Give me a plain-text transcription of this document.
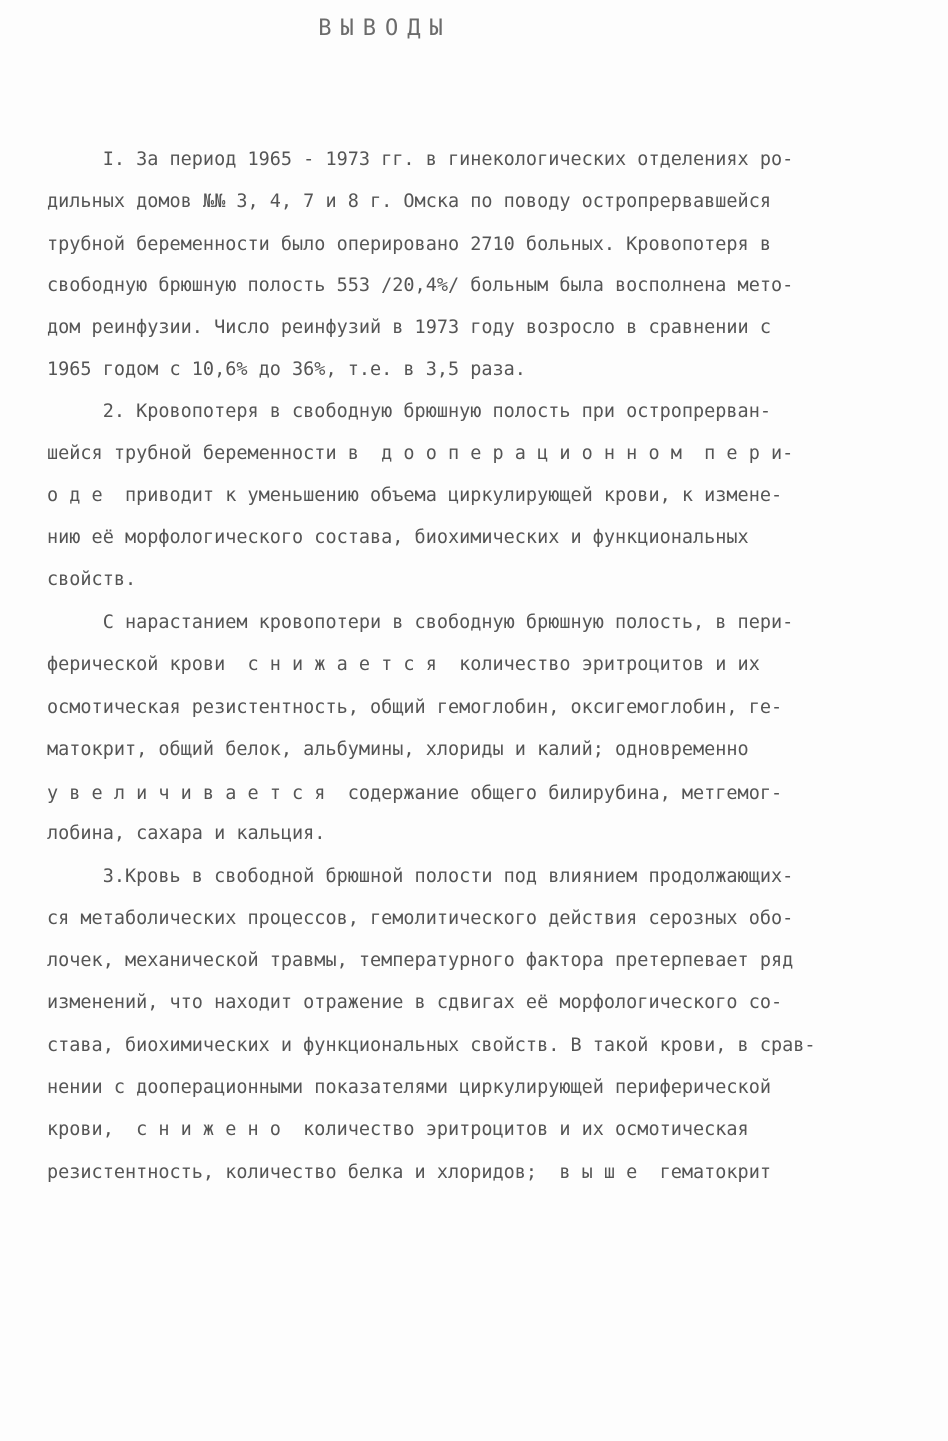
ВЫВОДЫ
I. За период 1965 - 1973 гг. в гинекологических отделениях ро-
дильных домов №№ 3, 4, 7 и 8 г. Омска по поводу остропрервавшейся
трубной беременности было оперировано 2710 больных. Кровопотеря в
свободную брюшную полость 553 /20,4%/ больным была восполнена мето-
дом реинфузии. Число реинфузий в 1973 году возросло в сравнении с
1965 годом с 10,6% до 36%, т.е. в 3,5 раза.
2. Кровопотеря в свободную брюшную полость при остропрерван-
шейся трубной беременности в  д о о п е р а ц и о н н о м  п е р и-
о д е  приводит к уменьшению объема циркулирующей крови, к измене-
нию её морфологического состава, биохимических и функциональных
свойств.
С нарастанием кровопотери в свободную брюшную полость, в пери-
ферической крови  с н и ж а е т с я  количество эритроцитов и их
осмотическая резистентность, общий гемоглобин, оксигемоглобин, ге-
матокрит, общий белок, альбумины, хлориды и калий; одновременно
у в е л и ч и в а е т с я  содержание общего билирубина, метгемог-
лобина, сахара и кальция.
3.Кровь в свободной брюшной полости под влиянием продолжающих-
ся метаболических процессов, гемолитического действия серозных обо-
лочек, механической травмы, температурного фактора претерпевает ряд
изменений, что находит отражение в сдвигах её морфологического со-
става, биохимических и функциональных свойств. В такой крови, в срав-
нении с дооперационными показателями циркулирующей периферической
крови,  с н и ж е н о  количество эритроцитов и их осмотическая
резистентность, количество белка и хлоридов;  в ы ш е  гематокрит
